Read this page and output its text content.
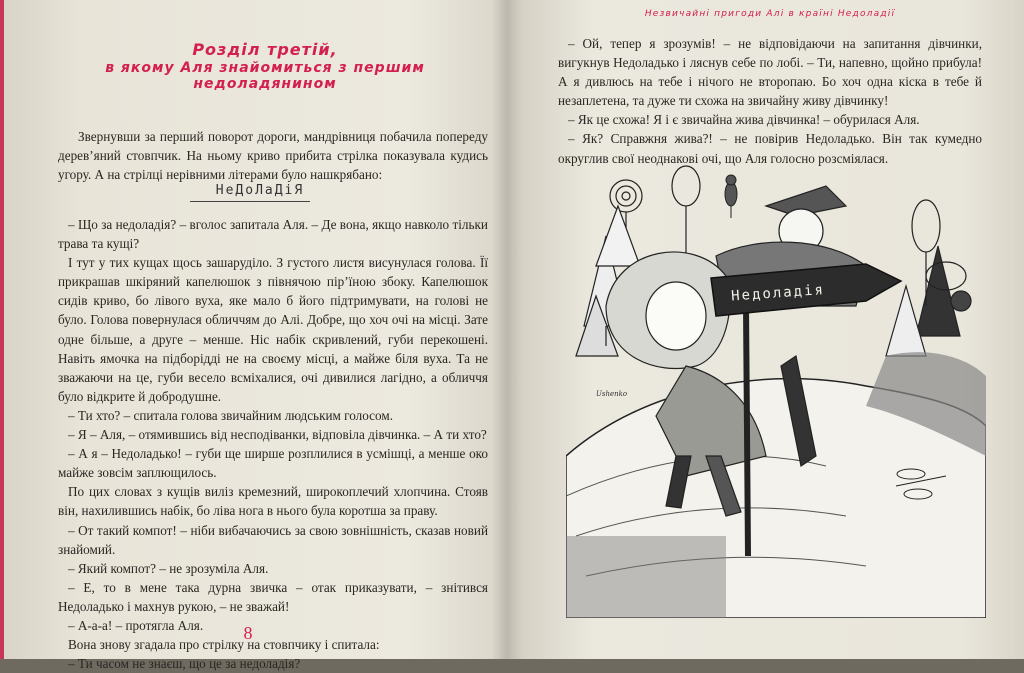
Розділ третій,
в якому Аля знайомиться з першим недоладянином

Звернувши за перший поворот дороги, мандрівниця побачила попереду дерев’яний стовпчик. На ньому криво прибита стрілка показувала кудись угору. А на стрілці нерівними літерами було нашкрябано:

НеДоЛаДіЯ

– Що за недоладія? – вголос запитала Аля. – Де вона, якщо навколо тільки трава та кущі?

І тут у тих кущах щось зашаруділо. З густого листя висунулася голова. Її прикрашав шкіряний капелюшок з півнячою пір’їною збоку. Капелюшок сидів криво, бо лівого вуха, яке мало б його підтримувати, на голові не було. Голова повернулася обличчям до Алі. Добре, що хоч очі на місці. Зате одне більше, а друге – менше. Ніс набік скривлений, губи перекошені. Навіть ямочка на підборідді не на своєму місці, а майже біля вуха. Та не зважаючи на це, губи весело всміхалися, очі дивилися лагідно, а обличчя було відкрите й добродушне.

– Ти хто? – спитала голова звичайним людським голосом.

– Я – Аля, – отямившись від несподіванки, відповіла дівчинка. – А ти хто?

– А я – Недоладько! – губи ще ширше розплилися в усмішці, а менше око майже зовсім заплющилось.

По цих словах з кущів виліз кремезний, широкоплечий хлопчина. Стояв він, нахилившись набік, бо ліва нога в нього була коротша за праву.

– От такий компот! – ніби вибачаючись за свою зовнішність, сказав новий знайомий.

– Який компот? – не зрозуміла Аля.

– Е, то в мене така дурна звичка – отак приказувати, – знітився Недоладько і махнув рукою, – не зважай!

– А-а-а! – протягла Аля.

Вона знову згадала про стрілку на стовпчику і спитала:

– Ти часом не знаєш, що це за недоладія?

8
Незвичайні пригоди Алі в країні Недоладії

– Ой, тепер я зрозумів! – не відповідаючи на запитання дівчинки, вигукнув Недоладько і ляснув себе по лобі. – Ти, напевно, щойно прибула! А я дивлюсь на тебе і нічого не второпаю. Бо хоч одна кіска в тебе й незаплетена, та дуже ти схожа на звичайну живу дівчинку!

– Як це схожа! Я і є звичайна жива дівчинка! – обурилася Аля.

– Як? Справжня жива?! – не повірив Недоладько. Він так кумедно округлив свої неоднакові очі, що Аля голосно розсміялася.

Недоладія
Ushenko
